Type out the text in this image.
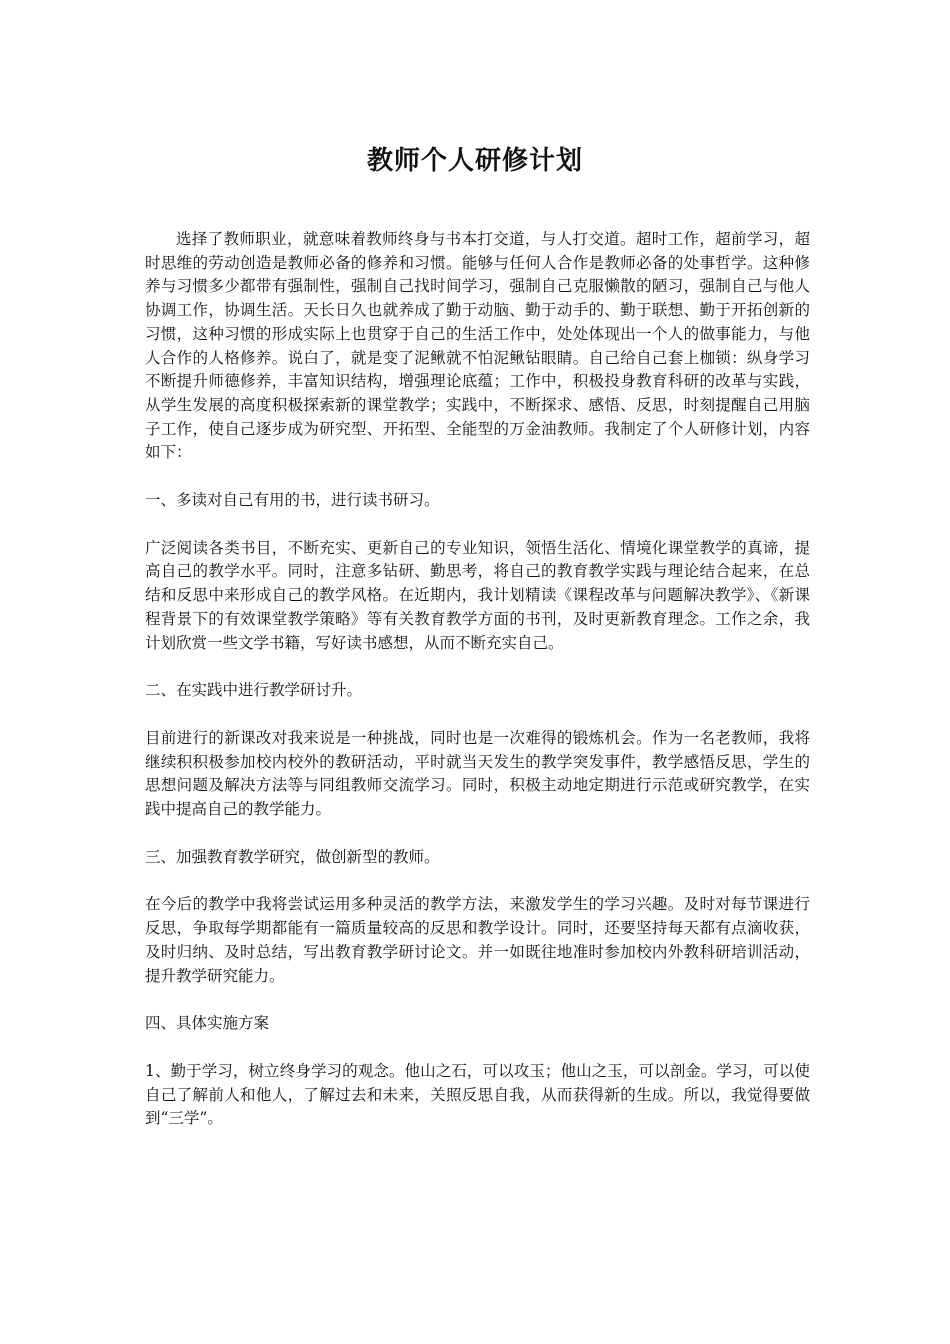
教师个人研修计划

选择了教师职业，就意味着教师终身与书本打交道，与人打交道。超时工作，超前学习，超时思维的劳动创造是教师必备的修养和习惯。能够与任何人合作是教师必备的处事哲学。这种修养与习惯多少都带有强制性，强制自己找时间学习，强制自己克服懒散的陋习，强制自己与他人协调工作，协调生活。天长日久也就养成了勤于动脑、勤于动手的、勤于联想、勤于开拓创新的习惯，这种习惯的形成实际上也贯穿于自己的生活工作中，处处体现出一个人的做事能力，与他人合作的人格修养。说白了，就是变了泥鳅就不怕泥鳅钻眼睛。自己给自己套上枷锁：纵身学习不断提升师德修养，丰富知识结构，增强理论底蕴；工作中，积极投身教育科研的改革与实践，从学生发展的高度积极探索新的课堂教学；实践中，不断探求、感悟、反思，时刻提醒自己用脑子工作，使自己逐步成为研究型、开拓型、全能型的万金油教师。我制定了个人研修计划，内容如下：

一、多读对自己有用的书，进行读书研习。

广泛阅读各类书目，不断充实、更新自己的专业知识，领悟生活化、情境化课堂教学的真谛，提高自己的教学水平。同时，注意多钻研、勤思考，将自己的教育教学实践与理论结合起来，在总结和反思中来形成自己的教学风格。在近期内，我计划精读《课程改革与问题解决教学》、《新课程背景下的有效课堂教学策略》等有关教育教学方面的书刊，及时更新教育理念。工作之余，我计划欣赏一些文学书籍，写好读书感想，从而不断充实自己。

二、在实践中进行教学研讨升。

目前进行的新课改对我来说是一种挑战，同时也是一次难得的锻炼机会。作为一名老教师，我将继续积积极参加校内校外的教研活动，平时就当天发生的教学突发事件，教学感悟反思，学生的思想问题及解决方法等与同组教师交流学习。同时，积极主动地定期进行示范或研究教学，在实践中提高自己的教学能力。

三、加强教育教学研究，做创新型的教师。

在今后的教学中我将尝试运用多种灵活的教学方法，来激发学生的学习兴趣。及时对每节课进行反思，争取每学期都能有一篇质量较高的反思和教学设计。同时，还要坚持每天都有点滴收获，及时归纳、及时总结，写出教育教学研讨论文。并一如既往地准时参加校内外教科研培训活动，提升教学研究能力。

四、具体实施方案

1、勤于学习，树立终身学习的观念。他山之石，可以攻玉；他山之玉，可以剖金。学习，可以使自己了解前人和他人，了解过去和未来，关照反思自我，从而获得新的生成。所以，我觉得要做到“三学”。
